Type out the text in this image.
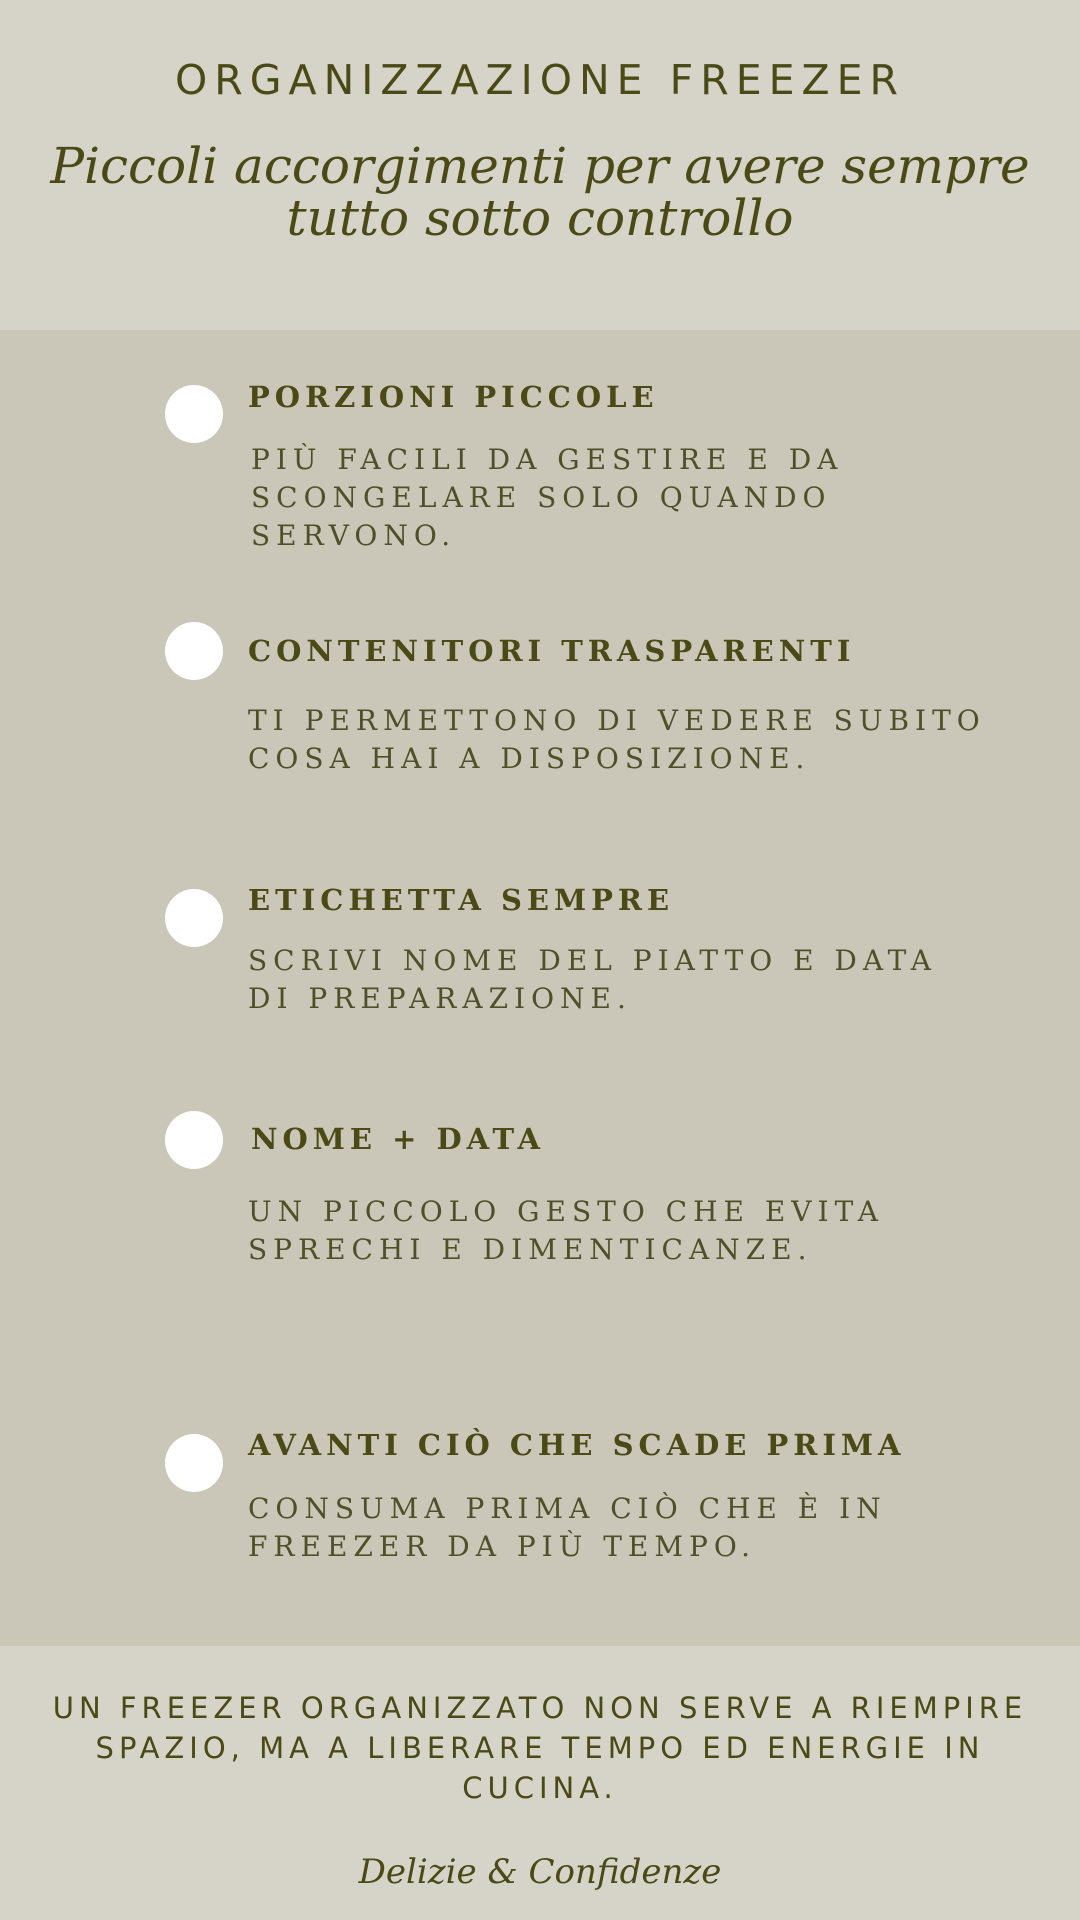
ORGANIZZAZIONE FREEZER

Piccoli accorgimenti per avere sempre tutto sotto controllo

PORZIONI PICCOLE

PIÙ FACILI DA GESTIRE E DA SCONGELARE SOLO QUANDO SERVONO.

CONTENITORI TRASPARENTI

TI PERMETTONO DI VEDERE SUBITO COSA HAI A DISPOSIZIONE.

ETICHETTA SEMPRE

SCRIVI NOME DEL PIATTO E DATA DI PREPARAZIONE.

NOME + DATA

UN PICCOLO GESTO CHE EVITA SPRECHI E DIMENTICANZE.

AVANTI CIÒ CHE SCADE PRIMA

CONSUMA PRIMA CIÒ CHE È IN FREEZER DA PIÙ TEMPO.

UN FREEZER ORGANIZZATO NON SERVE A RIEMPIRE SPAZIO, MA A LIBERARE TEMPO ED ENERGIE IN CUCINA.

Delizie & Confidenze
